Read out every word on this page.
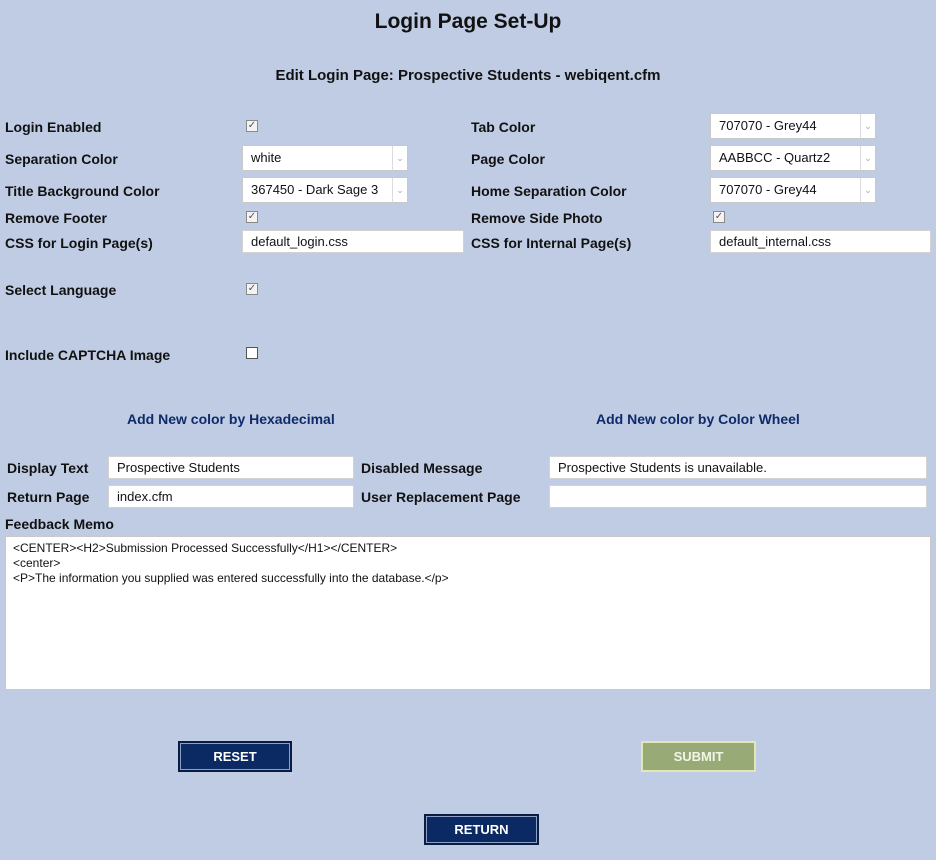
Login Page Set-Up
Edit Login Page: Prospective Students - webiqent.cfm
Login Enabled	✓
Separation Color	white	⌄
Title Background Color	367450 - Dark Sage 3	⌄
Remove Footer	✓
CSS for Login Page(s)	default_login.css
Tab Color	707070 - Grey44	⌄
Page Color	AABBCC - Quartz2	⌄
Home Separation Color	707070 - Grey44	⌄
Remove Side Photo	✓
CSS for Internal Page(s)	default_internal.css
Select Language	✓
Include CAPTCHA Image
Add New color by Hexadecimal	Add New color by Color Wheel
Display Text	Prospective Students	Disabled Message	Prospective Students is unavailable.
Return Page	index.cfm	User Replacement Page
Feedback Memo
<CENTER><H2>Submission Processed Successfully</H1></CENTER>
<center>
<P>The information you supplied was entered successfully into the database.</p>
RESET	SUBMIT
RETURN
